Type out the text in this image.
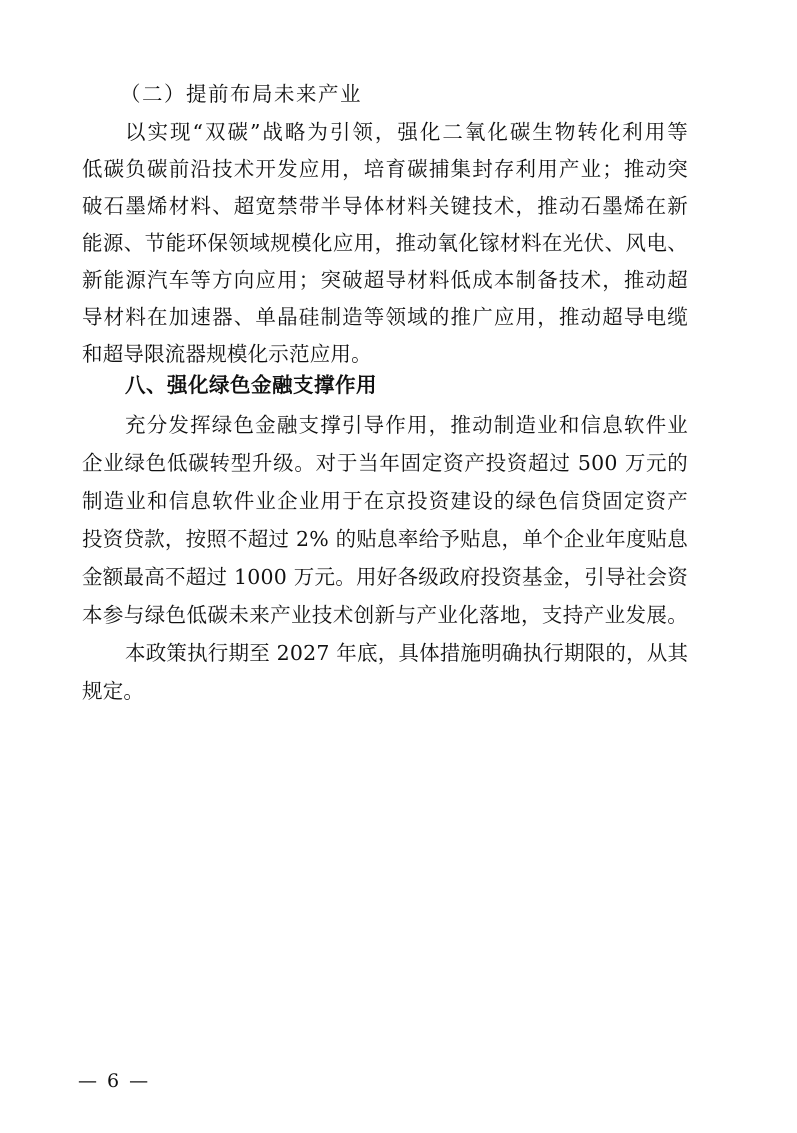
（二）提前布局未来产业
以实现“双碳”战略为引领，强化二氧化碳生物转化利用等
低碳负碳前沿技术开发应用，培育碳捕集封存利用产业；推动突
破石墨烯材料、超宽禁带半导体材料关键技术，推动石墨烯在新
能源、节能环保领域规模化应用，推动氧化镓材料在光伏、风电、
新能源汽车等方向应用；突破超导材料低成本制备技术，推动超
导材料在加速器、单晶硅制造等领域的推广应用，推动超导电缆
和超导限流器规模化示范应用。
八、强化绿色金融支撑作用
充分发挥绿色金融支撑引导作用，推动制造业和信息软件业
企业绿色低碳转型升级。对于当年固定资产投资超过 500 万元的
制造业和信息软件业企业用于在京投资建设的绿色信贷固定资产
投资贷款，按照不超过 2% 的贴息率给予贴息，单个企业年度贴息
金额最高不超过 1000 万元。用好各级政府投资基金，引导社会资
本参与绿色低碳未来产业技术创新与产业化落地，支持产业发展。
本政策执行期至 2027 年底，具体措施明确执行期限的，从其
规定。
— 6 —
